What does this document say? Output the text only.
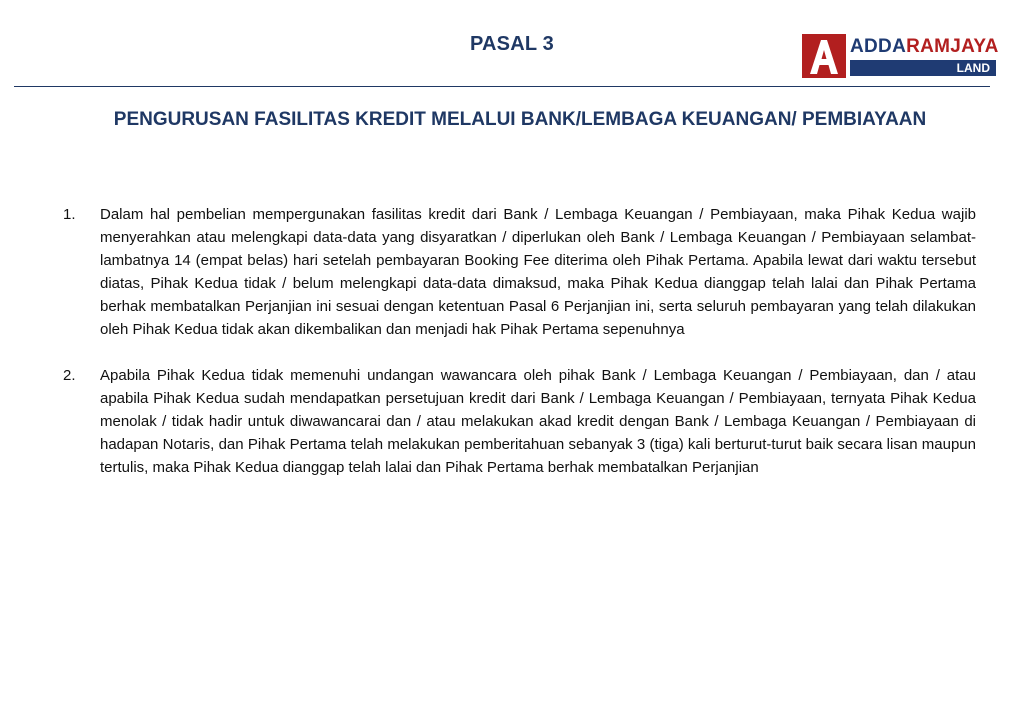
PASAL 3	ADDARAMJAYA
LAND
PENGURUSAN FASILITAS KREDIT MELALUI BANK/LEMBAGA KEUANGAN/ PEMBIAYAAN
1. Dalam hal pembelian mempergunakan fasilitas kredit dari Bank / Lembaga Keuangan / Pembiayaan, maka Pihak Kedua wajib menyerahkan atau melengkapi data-data yang disyaratkan / diperlukan oleh Bank / Lembaga Keuangan / Pembiayaan selambat-lambatnya 14 (empat belas) hari setelah pembayaran Booking Fee diterima oleh Pihak Pertama. Apabila lewat dari waktu tersebut diatas, Pihak Kedua tidak / belum melengkapi data-data dimaksud, maka Pihak Kedua dianggap telah lalai dan Pihak Pertama berhak membatalkan Perjanjian ini sesuai dengan ketentuan Pasal 6 Perjanjian ini, serta seluruh pembayaran yang telah dilakukan oleh Pihak Kedua tidak akan dikembalikan dan menjadi hak Pihak Pertama sepenuhnya

2. Apabila Pihak Kedua tidak memenuhi undangan wawancara oleh pihak Bank / Lembaga Keuangan / Pembiayaan, dan / atau apabila Pihak Kedua sudah mendapatkan persetujuan kredit dari Bank / Lembaga Keuangan / Pembiayaan, ternyata Pihak Kedua menolak / tidak hadir untuk diwawancarai dan / atau melakukan akad kredit dengan Bank / Lembaga Keuangan / Pembiayaan di hadapan Notaris, dan Pihak Pertama telah melakukan pemberitahuan sebanyak 3 (tiga) kali berturut-turut baik secara lisan maupun tertulis, maka Pihak Kedua dianggap telah lalai dan Pihak Pertama berhak membatalkan Perjanjian
